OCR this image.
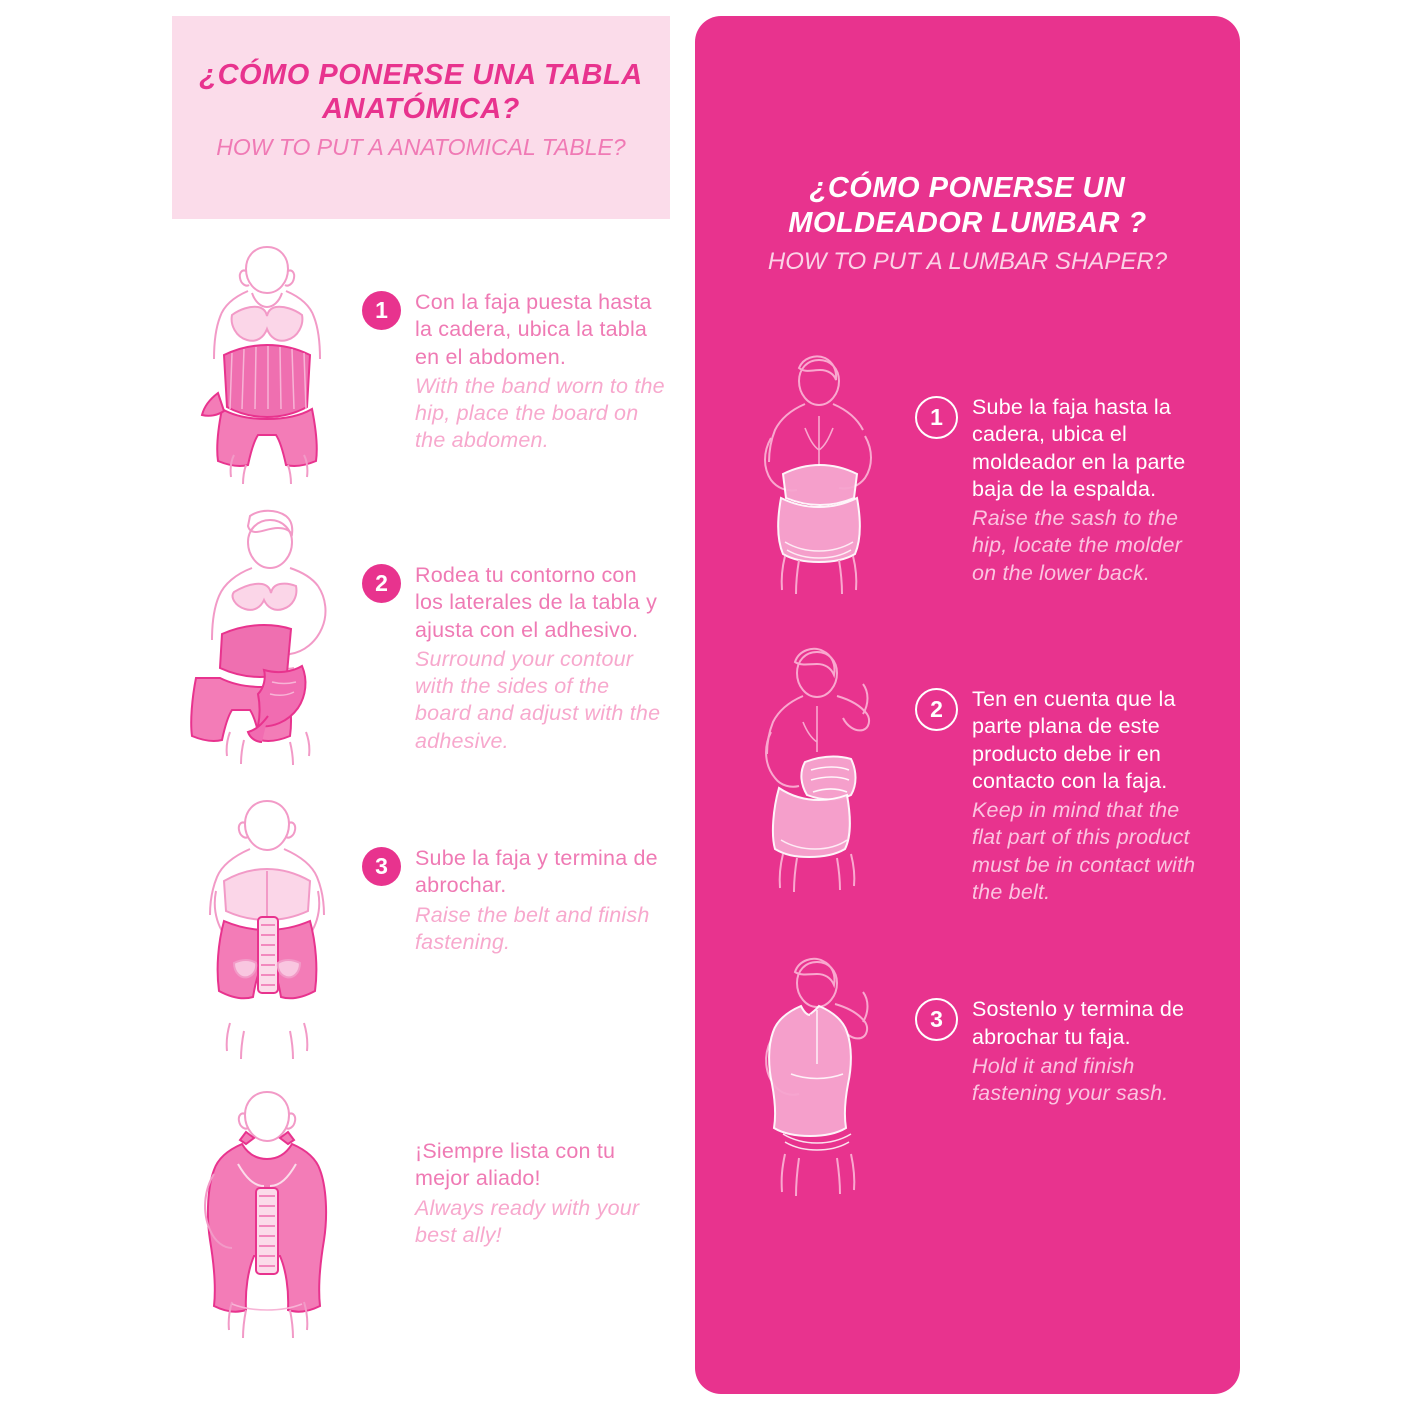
¿CÓMO PONERSE UNA TABLA ANATÓMICA?
HOW TO PUT A ANATOMICAL TABLE?
1	Con la faja puesta hasta la cadera, ubica la tabla en el abdomen.

With the band worn to the hip, place the board on the abdomen.

2	Rodea tu contorno con los laterales de la tabla y ajusta con el adhesivo.

Surround your contour with the sides of the board and adjust with the adhesive.

3	Sube la faja y termina de abrochar.

Raise the belt and finish fastening.

¡Siempre lista con tu mejor aliado!

Always ready with your best ally!

¿CÓMO PONERSE UN MOLDEADOR LUMBAR ?
HOW TO PUT A LUMBAR SHAPER?
1	Sube la faja hasta la cadera, ubica el moldeador en la parte baja de la espalda.

Raise the sash to the hip, locate the molder on the lower back.

2	Ten en cuenta que la parte plana de este producto debe ir en contacto con la faja.

Keep in mind that the flat part of this product must be in contact with the belt.

3	Sostenlo y termina de abrochar tu faja.

Hold it and finish fastening your sash.
